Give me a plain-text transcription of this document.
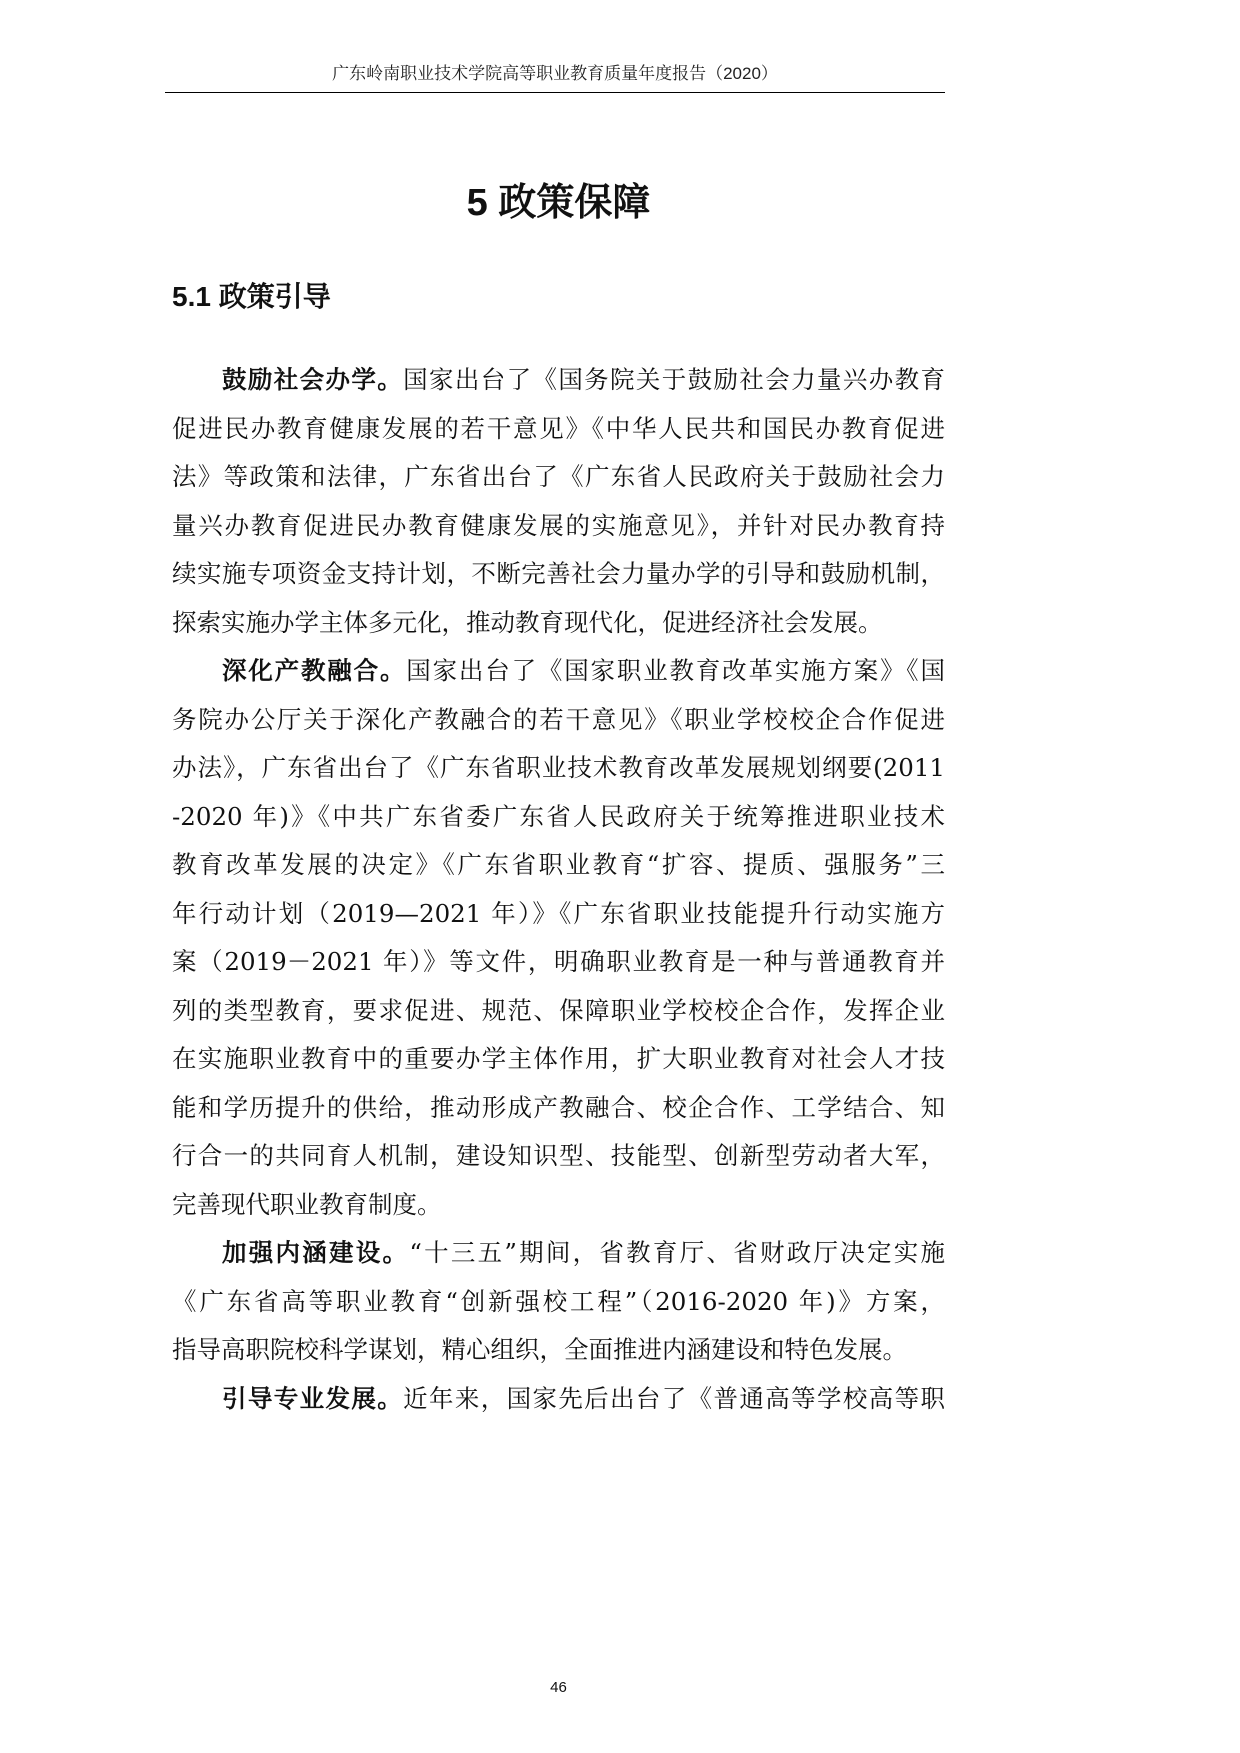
广东岭南职业技术学院高等职业教育质量年度报告（2020）
5 政策保障
5.1 政策引导
鼓励社会办学。国家出台了《国务院关于鼓励社会力量兴办教育
促进民办教育健康发展的若干意见》《中华人民共和国民办教育促进
法》等政策和法律，广东省出台了《广东省人民政府关于鼓励社会力
量兴办教育促进民办教育健康发展的实施意见》，并针对民办教育持
续实施专项资金支持计划，不断完善社会力量办学的引导和鼓励机制，
探索实施办学主体多元化，推动教育现代化，促进经济社会发展。
深化产教融合。国家出台了《国家职业教育改革实施方案》《国
务院办公厅关于深化产教融合的若干意见》《职业学校校企合作促进
办法》，广东省出台了《广东省职业技术教育改革发展规划纲要(2011
-2020 年)》《中共广东省委广东省人民政府关于统筹推进职业技术
教育改革发展的决定》《广东省职业教育“扩容、提质、强服务”三
年行动计划（2019—2021 年）》《广东省职业技能提升行动实施方
案（2019－2021 年）》等文件，明确职业教育是一种与普通教育并
列的类型教育，要求促进、规范、保障职业学校校企合作，发挥企业
在实施职业教育中的重要办学主体作用，扩大职业教育对社会人才技
能和学历提升的供给，推动形成产教融合、校企合作、工学结合、知
行合一的共同育人机制，建设知识型、技能型、创新型劳动者大军，
完善现代职业教育制度。
加强内涵建设。“十三五”期间，省教育厅、省财政厅决定实施
《广东省高等职业教育“创新强校工程”（2016-2020 年)》方案，
指导高职院校科学谋划，精心组织，全面推进内涵建设和特色发展。
引导专业发展。近年来，国家先后出台了《普通高等学校高等职
46
